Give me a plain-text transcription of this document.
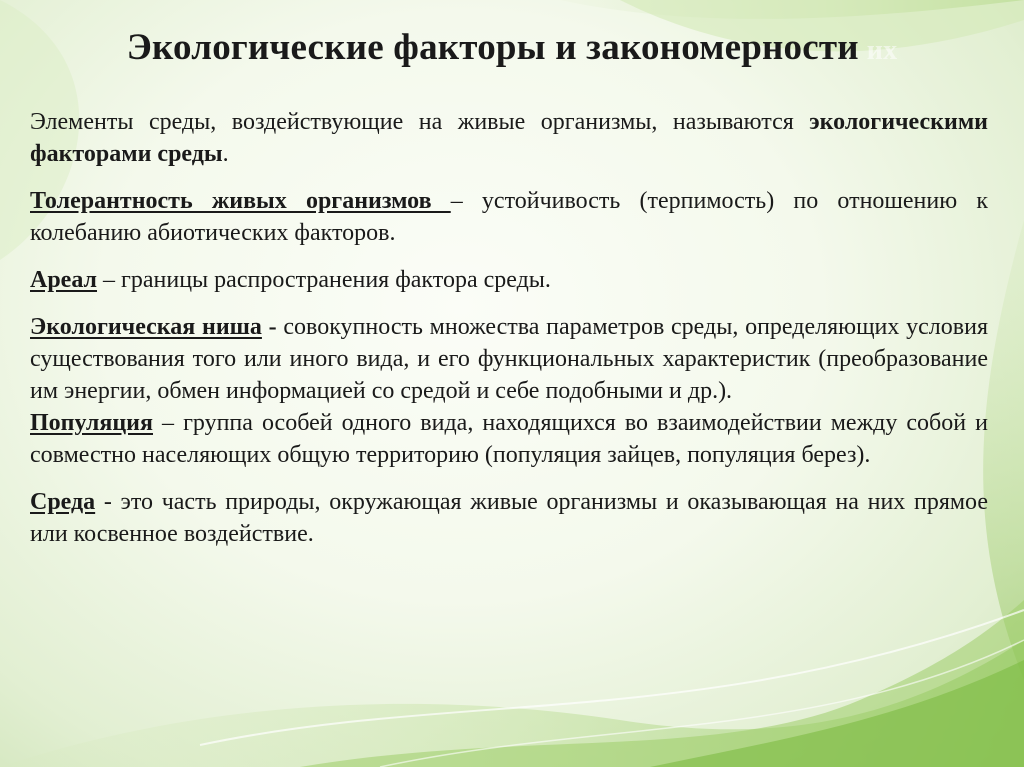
Экологические факторы и закономерности их

Элементы среды, воздействующие на живые организмы, называются экологическими факторами среды.

Толерантность живых организмов – устойчивость (терпимость) по отношению к колебанию абиотических факторов.

Ареал – границы распространения фактора среды.

Экологическая ниша - совокупность множества параметров среды, определяющих условия существования того или иного вида, и его функциональных характеристик (преобразование им энергии, обмен информацией со средой и себе подобными и др.).

Популяция – группа особей одного вида, находящихся во взаимодействии между собой и совместно населяющих общую территорию (популяция зайцев, популяция берез).

Среда - это часть природы, окружающая живые организмы и оказывающая на них прямое или косвенное воздействие.
